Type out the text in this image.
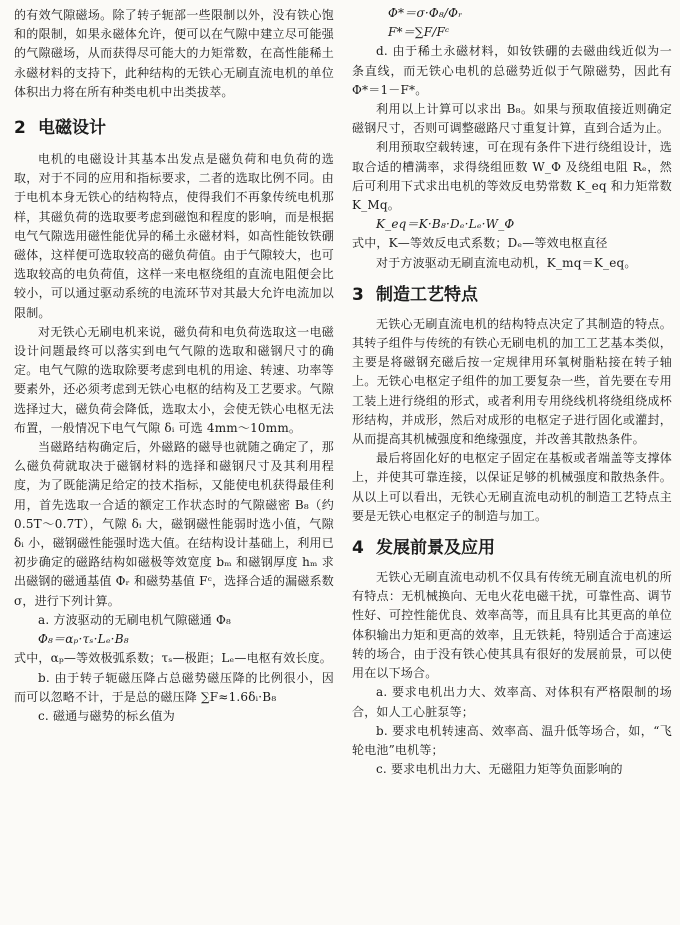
的有效气隙磁场。除了转子轭部一些限制以外，没有铁心饱和的限制，如果永磁体允许，便可以在气隙中建立尽可能强的气隙磁场，从而获得尽可能大的力矩常数，在高性能稀土永磁材料的支持下，此种结构的无铁心无刷直流电机的单位体积出力将在所有种类电机中出类拔萃。

2 电磁设计

电机的电磁设计其基本出发点是磁负荷和电负荷的选取，对于不同的应用和指标要求，二者的选取比例不同。由于电机本身无铁心的结构特点，使得我们不再象传统电机那样，其磁负荷的选取要考虑到磁饱和程度的影响，而是根据电气气隙选用磁性能优异的稀土永磁材料，如高性能钕铁硼磁体，这样便可选取较高的磁负荷值。由于气隙较大，也可选取较高的电负荷值，这样一来电枢绕组的直流电阻便会比较小，可以通过驱动系统的电流环节对其最大允许电流加以限制。

对无铁心无刷电机来说，磁负荷和电负荷选取这一电磁设计问题最终可以落实到电气气隙的选取和磁钢尺寸的确定。电气气隙的选取除要考虑到电机的用途、转速、功率等要素外，还必须考虑到无铁心电枢的结构及工艺要求。气隙选择过大，磁负荷会降低，选取太小，会使无铁心电枢无法布置，一般情况下电气气隙 δᵢ 可选 4mm～10mm。

当磁路结构确定后，外磁路的磁导也就随之确定了，那么磁负荷就取决于磁钢材料的选择和磁钢尺寸及其利用程度，为了既能满足给定的技术指标，又能使电机获得最佳利用，首先选取一合适的额定工作状态时的气隙磁密 B₈（约 0.5T～0.7T），气隙 δᵢ 大，磁钢磁性能弱时选小值，气隙 δᵢ 小，磁钢磁性能强时选大值。在结构设计基础上，利用已初步确定的磁路结构如磁极等效宽度 bₘ 和磁钢厚度 hₘ 求出磁钢的磁通基值 Φᵣ 和磁势基值 Fᶜ，选择合适的漏磁系数 σ，进行下列计算。

a. 方波驱动的无刷电机气隙磁通 Φ₈

Φ₈＝αₚ·τₛ·Lₑ·B₈

式中，αₚ—等效极弧系数；τₛ—极距；Lₑ—电枢有效长度。

b. 由于转子轭磁压降占总磁势磁压降的比例很小，因而可以忽略不计，于是总的磁压降 ∑F≈1.6δᵢ·B₈

c. 磁通与磁势的标幺值为

Φ*＝σ·Φ₈/Φᵣ

F*＝∑F/Fᶜ

d. 由于稀土永磁材料，如钕铁硼的去磁曲线近似为一条直线，而无铁心电机的总磁势近似于气隙磁势，因此有 Φ*＝1－F*。

利用以上计算可以求出 B₈。如果与预取值接近则确定磁钢尺寸，否则可调整磁路尺寸重复计算，直到合适为止。

利用预取空载转速，可在现有条件下进行绕组设计，选取合适的槽满率，求得绕组匝数 W_Φ 及绕组电阻 Rₑ，然后可利用下式求出电机的等效反电势常数 K_eq 和力矩常数 K_Mq。

K_eq＝K·B₈·Dₑ·Lₑ·W_Φ

式中，K—等效反电式系数；Dₑ—等效电枢直径

对于方波驱动无刷直流电动机，K_mq＝K_eq。

3 制造工艺特点

无铁心无刷直流电机的结构特点决定了其制造的特点。其转子组件与传统的有铁心无刷电机的加工工艺基本类似，主要是将磁钢充磁后按一定规律用环氧树脂粘接在转子轴上。无铁心电枢定子组件的加工要复杂一些，首先要在专用工装上进行绕组的形式，或者利用专用绕线机将绕组绕成杯形结构，并成形，然后对成形的电枢定子进行固化或灌封，从而提高其机械强度和绝缘强度，并改善其散热条件。

最后将固化好的电枢定子固定在基板或者端盖等支撑体上，并使其可靠连接，以保证足够的机械强度和散热条件。从以上可以看出，无铁心无刷直流电动机的制造工艺特点主要是无铁心电枢定子的制造与加工。

4 发展前景及应用

无铁心无刷直流电动机不仅具有传统无刷直流电机的所有特点：无机械换向、无电火花电磁干扰，可靠性高、调节性好、可控性能优良、效率高等，而且具有比其更高的单位体积输出力矩和更高的效率，且无铁耗，特别适合于高速运转的场合，由于没有铁心使其具有很好的发展前景，可以使用在以下场合。

a. 要求电机出力大、效率高、对体积有严格限制的场合，如人工心脏泵等；

b. 要求电机转速高、效率高、温升低等场合，如，“飞轮电池”电机等；

c. 要求电机出力大、无磁阻力矩等负面影响的
